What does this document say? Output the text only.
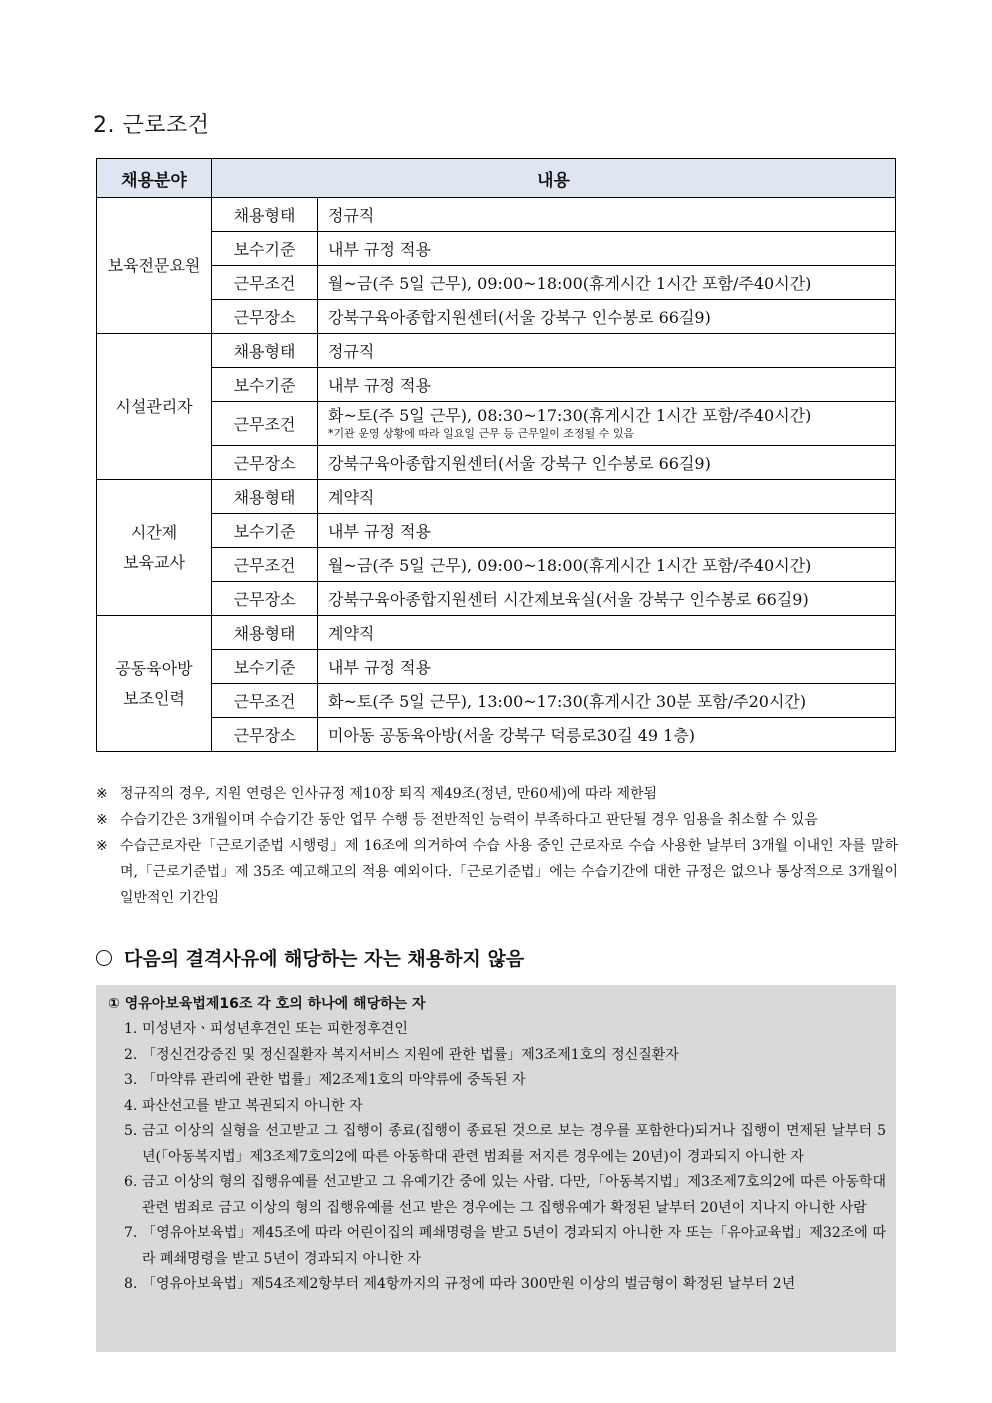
2. 근로조건
채용분야	내용	
보육전문요원	채용형태	정규직
	보수기준	내부 규정 적용
	근무조건	월~금(주 5일 근무), 09:00~18:00(휴게시간 1시간 포함/주40시간)
	근무장소	강북구육아종합지원센터(서울 강북구 인수봉로 66길9)
시설관리자	채용형태	정규직
	보수기준	내부 규정 적용
	근무조건	화~토(주 5일 근무), 08:30~17:30(휴게시간 1시간 포함/주40시간)
*기관 운영 상황에 따라 일요일 근무 등 근무일이 조정될 수 있음

	근무장소	강북구육아종합지원센터(서울 강북구 인수봉로 66길9)
시간제
보육교사	채용형태	계약직
	보수기준	내부 규정 적용
	근무조건	월~금(주 5일 근무), 09:00~18:00(휴게시간 1시간 포함/주40시간)
	근무장소	강북구육아종합지원센터 시간제보육실(서울 강북구 인수봉로 66길9)
공동육아방
보조인력	채용형태	계약직
	보수기준	내부 규정 적용
	근무조건	화~토(주 5일 근무), 13:00~17:30(휴게시간 30분 포함/주20시간)
	근무장소	미아동 공동육아방(서울 강북구 덕릉로30길 49 1층)
※ 정규직의 경우, 지원 연령은 인사규정 제10장 퇴직 제49조(정년, 만60세)에 따라 제한됨
※ 수습기간은 3개월이며 수습기간 동안 업무 수행 등 전반적인 능력이 부족하다고 판단될 경우 임용을 취소할 수 있음
※ 수습근로자란「근로기준법 시행령」제 16조에 의거하여 수습 사용 중인 근로자로 수습 사용한 날부터 3개월 이내인 자를 말하며,「근로기준법」제 35조 예고해고의 적용 예외이다.「근로기준법」에는 수습기간에 대한 규정은 없으나 통상적으로 3개월이 일반적인 기간임
다음의 결격사유에 해당하는 자는 채용하지 않음
① 영유아보육법제16조 각 호의 하나에 해당하는 자
1. 미성년자ㆍ피성년후견인 또는 피한정후견인
2. 「정신건강증진 및 정신질환자 복지서비스 지원에 관한 법률」제3조제1호의 정신질환자
3. 「마약류 관리에 관한 법률」제2조제1호의 마약류에 중독된 자
4. 파산선고를 받고 복권되지 아니한 자
5. 금고 이상의 실형을 선고받고 그 집행이 종료(집행이 종료된 것으로 보는 경우를 포함한다)되거나 집행이 면제된 날부터 5년(「아동복지법」제3조제7호의2에 따른 아동학대 관련 범죄를 저지른 경우에는 20년)이 경과되지 아니한 자
6. 금고 이상의 형의 집행유예를 선고받고 그 유예기간 중에 있는 사람. 다만,「아동복지법」제3조제7호의2에 따른 아동학대 관련 범죄로 금고 이상의 형의 집행유예를 선고 받은 경우에는 그 집행유예가 확정된 날부터 20년이 지나지 아니한 사람
7. 「영유아보육법」제45조에 따라 어린이집의 폐쇄명령을 받고 5년이 경과되지 아니한 자 또는「유아교육법」제32조에 따라 폐쇄명령을 받고 5년이 경과되지 아니한 자
8. 「영유아보육법」제54조제2항부터 제4항까지의 규정에 따라 300만원 이상의 벌금형이 확정된 날부터 2년
